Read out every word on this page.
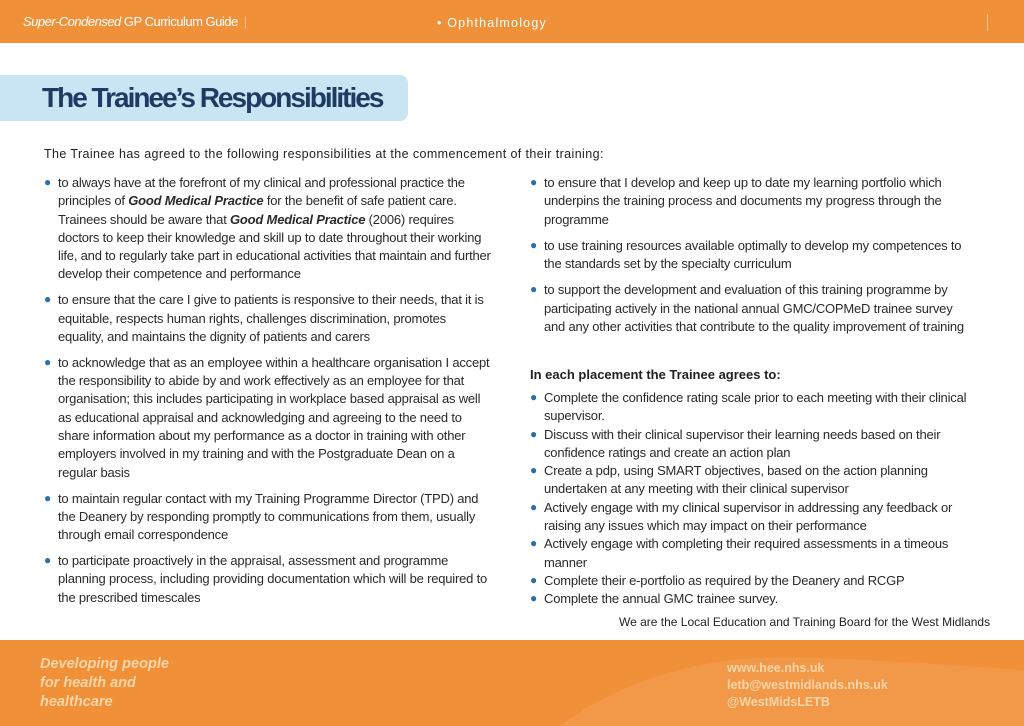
Super-Condensed GP Curriculum Guide |	• Ophthalmology
The Trainee’s Responsibilities
The Trainee has agreed to the following responsibilities at the commencement of their training:
● to always have at the forefront of my clinical and professional practice the principles of Good Medical Practice for the benefit of safe patient care. Trainees should be aware that Good Medical Practice (2006) requires doctors to keep their knowledge and skill up to date throughout their working life, and to regularly take part in educational activities that maintain and further develop their competence and performance
● to ensure that the care I give to patients is responsive to their needs, that it is equitable, respects human rights, challenges discrimination, promotes equality, and maintains the dignity of patients and carers
● to acknowledge that as an employee within a healthcare organisation I accept the responsibility to abide by and work effectively as an employee for that organisation; this includes participating in workplace based appraisal as well as educational appraisal and acknowledging and agreeing to the need to share information about my performance as a doctor in training with other employers involved in my training and with the Postgraduate Dean on a regular basis
● to maintain regular contact with my Training Programme Director (TPD) and the Deanery by responding promptly to communications from them, usually through email correspondence
● to participate proactively in the appraisal, assessment and programme planning process, including providing documentation which will be required to the prescribed timescales
● to ensure that I develop and keep up to date my learning portfolio which underpins the training process and documents my progress through the programme
● to use training resources available optimally to develop my competences to the standards set by the specialty curriculum
● to support the development and evaluation of this training programme by participating actively in the national annual GMC/COPMeD trainee survey and any other activities that contribute to the quality improvement of training
In each placement the Trainee agrees to:
● Complete the confidence rating scale prior to each meeting with their clinical supervisor.
● Discuss with their clinical supervisor their learning needs based on their confidence ratings and create an action plan
● Create a pdp, using SMART objectives, based on the action planning undertaken at any meeting with their clinical supervisor
● Actively engage with my clinical supervisor in addressing any feedback or raising any issues which may impact on their performance
● Actively engage with completing their required assessments in a timeous manner
● Complete their e-portfolio as required by the Deanery and RCGP
● Complete the annual GMC trainee survey.
We are the Local Education and Training Board for the West Midlands
Developing people
for health and
healthcare
www.hee.nhs.uk
letb@westmidlands.nhs.uk
@WestMidsLETB
